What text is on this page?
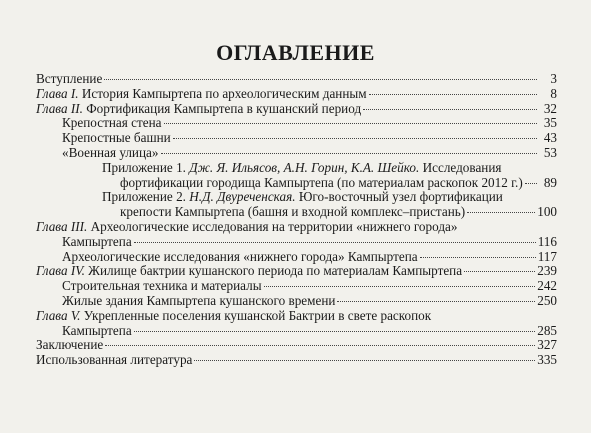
ОГЛАВЛЕНИЕ
Вступление	3
Глава I. История Кампыртепа по археологическим данным	8
Глава II. Фортификация Кампыртепа в кушанский период	32
Крепостная стена	35
Крепостные башни	43
«Военная улица»	53
Приложение 1. Дж. Я. Ильясов, А.Н. Горин, К.А. Шейко. Исследования
фортификации городища Кампыртепа (по материалам раскопок 2012 г.)	89
Приложение 2. Н.Д. Двуреченская. Юго-восточный узел фортификации
крепости Кампыртепа (башня и входной комплекс–пристань)	100
Глава III. Археологические исследования на территории «нижнего города»
Кампыртепа	116
Археологические исследования «нижнего города» Кампыртепа	117
Глава IV. Жилище бактрии кушанского периода по материалам Кампыртепа	239
Строительная техника и материалы	242
Жилые здания Кампыртепа кушанского времени	250
Глава V. Укрепленные поселения кушанской Бактрии в свете раскопок
Кампыртепа	285
Заключение	327
Использованная литература	335
